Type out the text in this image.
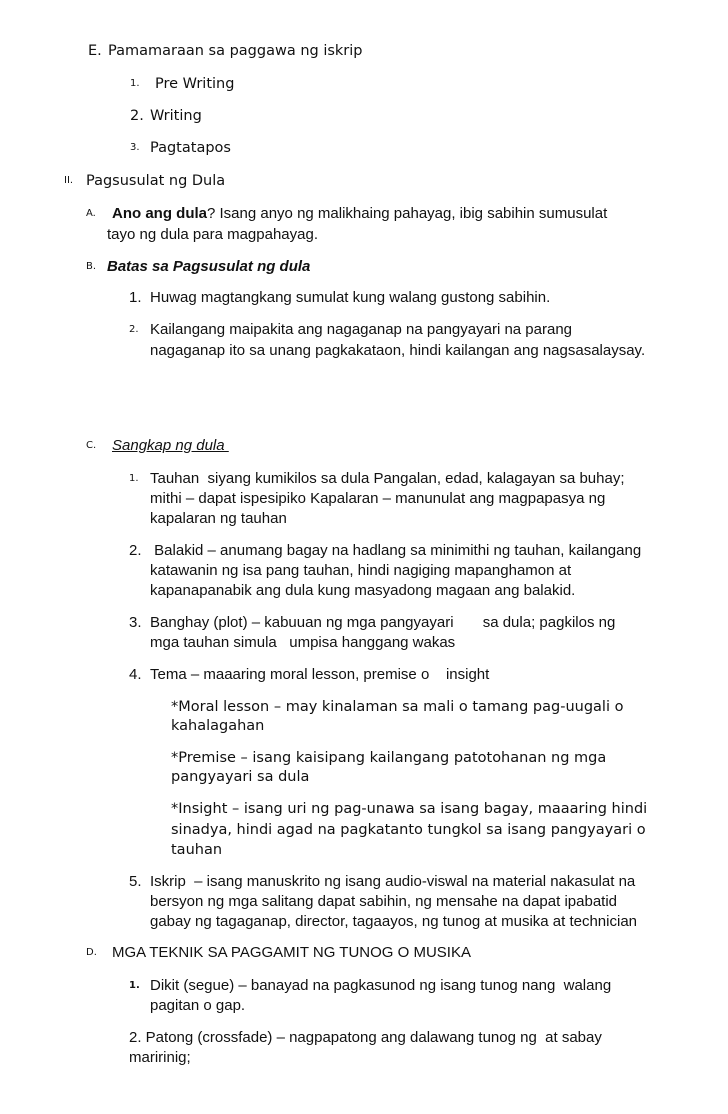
E. Pamamaraan sa paggawa ng iskrip
1. Pre Writing
2. Writing
3. Pagtatapos
II. Pagsusulat ng Dula
A. Ano ang dula? Isang anyo ng malikhaing pahayag, ibig sabihin sumusulat
tayo ng dula para magpahayag.
B. Batas sa Pagsusulat ng dula
1. Huwag magtangkang sumulat kung walang gustong sabihin.
2. Kailangang maipakita ang nagaganap na pangyayari na parang
nagaganap ito sa unang pagkakataon, hindi kailangan ang nagsasalaysay.
C. Sangkap ng dula
1. Tauhan  siyang kumikilos sa dula Pangalan, edad, kalagayan sa buhay;
mithi – dapat ispesipiko Kapalaran – manunulat ang magpapasya ng
kapalaran ng tauhan
2. Balakid – anumang bagay na hadlang sa minimithi ng tauhan, kailangang
katawanin ng isa pang tauhan, hindi nagiging mapanghamon at
kapanapanabik ang dula kung masyadong magaan ang balakid.
3. Banghay (plot) – kabuuan ng mga pangyayari       sa dula; pagkilos ng
mga tauhan simula   umpisa hanggang wakas
4. Tema – maaaring moral lesson, premise o    insight
*Moral lesson – may kinalaman sa mali o tamang pag-uugali o
kahalagahan
*Premise – isang kaisipang kailangang patotohanan ng mga
pangyayari sa dula
*Insight – isang uri ng pag-unawa sa isang bagay, maaaring hindi
sinadya, hindi agad na pagkatanto tungkol sa isang pangyayari o
tauhan
5. Iskrip  – isang manuskrito ng isang audio-viswal na material nakasulat na
bersyon ng mga salitang dapat sabihin, ng mensahe na dapat ipabatid
gabay ng tagaganap, director, tagaayos, ng tunog at musika at technician
D. MGA TEKNIK SA PAGGAMIT NG TUNOG O MUSIKA
1. Dikit (segue) – banayad na pagkasunod ng isang tunog nang  walang
pagitan o gap.
2. Patong (crossfade) – nagpapatong ang dalawang tunog ng  at sabay
maririnig;
